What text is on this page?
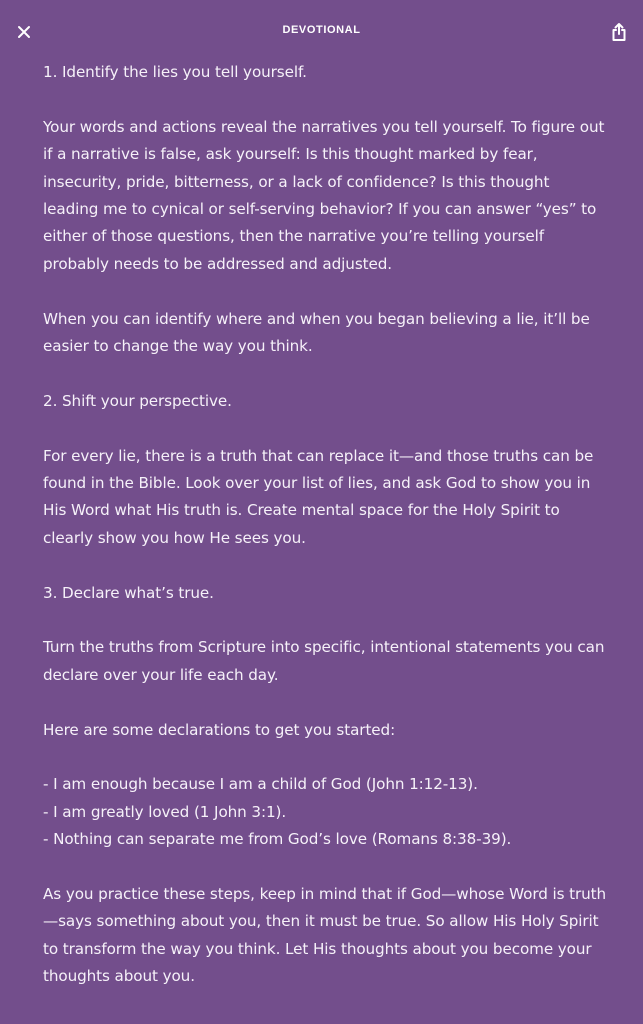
DEVOTIONAL

1. Identify the lies you tell yourself.

Your words and actions reveal the narratives you tell yourself. To figure out if a narrative is false, ask yourself: Is this thought marked by fear, insecurity, pride, bitterness, or a lack of confidence? Is this thought leading me to cynical or self-serving behavior? If you can answer “yes” to either of those questions, then the narrative you’re telling yourself probably needs to be addressed and adjusted.

When you can identify where and when you began believing a lie, it’ll be easier to change the way you think.

2. Shift your perspective.

For every lie, there is a truth that can replace it—and those truths can be found in the Bible. Look over your list of lies, and ask God to show you in His Word what His truth is. Create mental space for the Holy Spirit to clearly show you how He sees you.

3. Declare what’s true.

Turn the truths from Scripture into specific, intentional statements you can declare over your life each day.

Here are some declarations to get you started:

- I am enough because I am a child of God (John 1:12-13).
- I am greatly loved (1 John 3:1).
- Nothing can separate me from God’s love (Romans 8:38-39).

As you practice these steps, keep in mind that if God—whose Word is truth—says something about you, then it must be true. So allow His Holy Spirit to transform the way you think. Let His thoughts about you become your thoughts about you.
